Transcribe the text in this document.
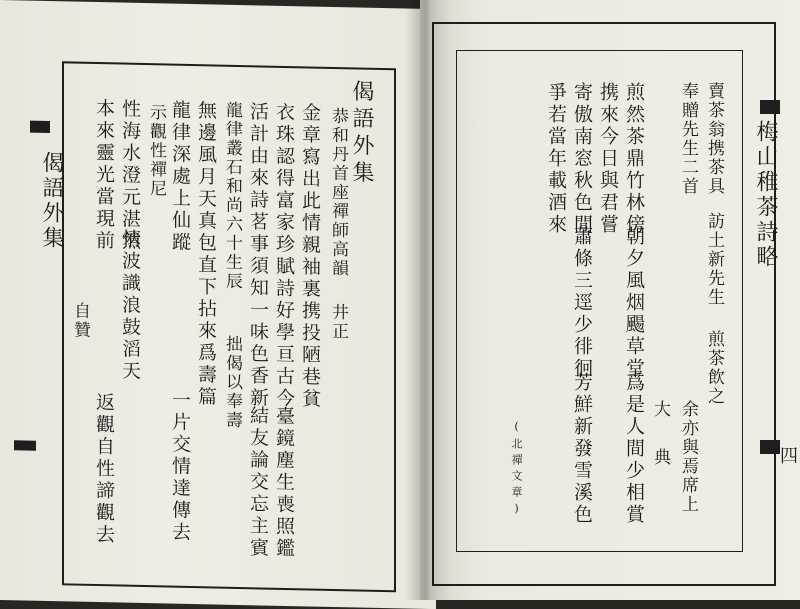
偈語外集
偈語外集
恭和丹首座禪師高韻
井正
金章寫出此情親
袖裏携投陋巷貧
衣珠認得富家珍
賦詩好學亘古今
臺鏡塵生喪照鑑
活計由來詩茗事
須知一味色香新
結友論交忘主賓
龍律叢石和尚六十生辰
拙偈以奉壽
無邊風月天真包
直下拈來爲壽篇
龍律深處上仙蹤
一片交情達傳去
示觀性禪尼
性海水澄元湛然
情波識浪鼓滔天
本來靈光當現前
返觀自性諦觀去
自贊
梅山稚茶詩略
四
賣茶翁携茶具
訪土新先生
煎茶飲之
余亦與焉席上
奉贈先生二首
大
典
煎然茶鼎竹林傍
朝夕風烟颺草堂
爲是人間少相賞
携來今日與君嘗
寄傲南窓秋色閒
蕭條三逕少徘徊
芳鮮新發雪溪色
爭若當年載酒來
(北禪文章)
